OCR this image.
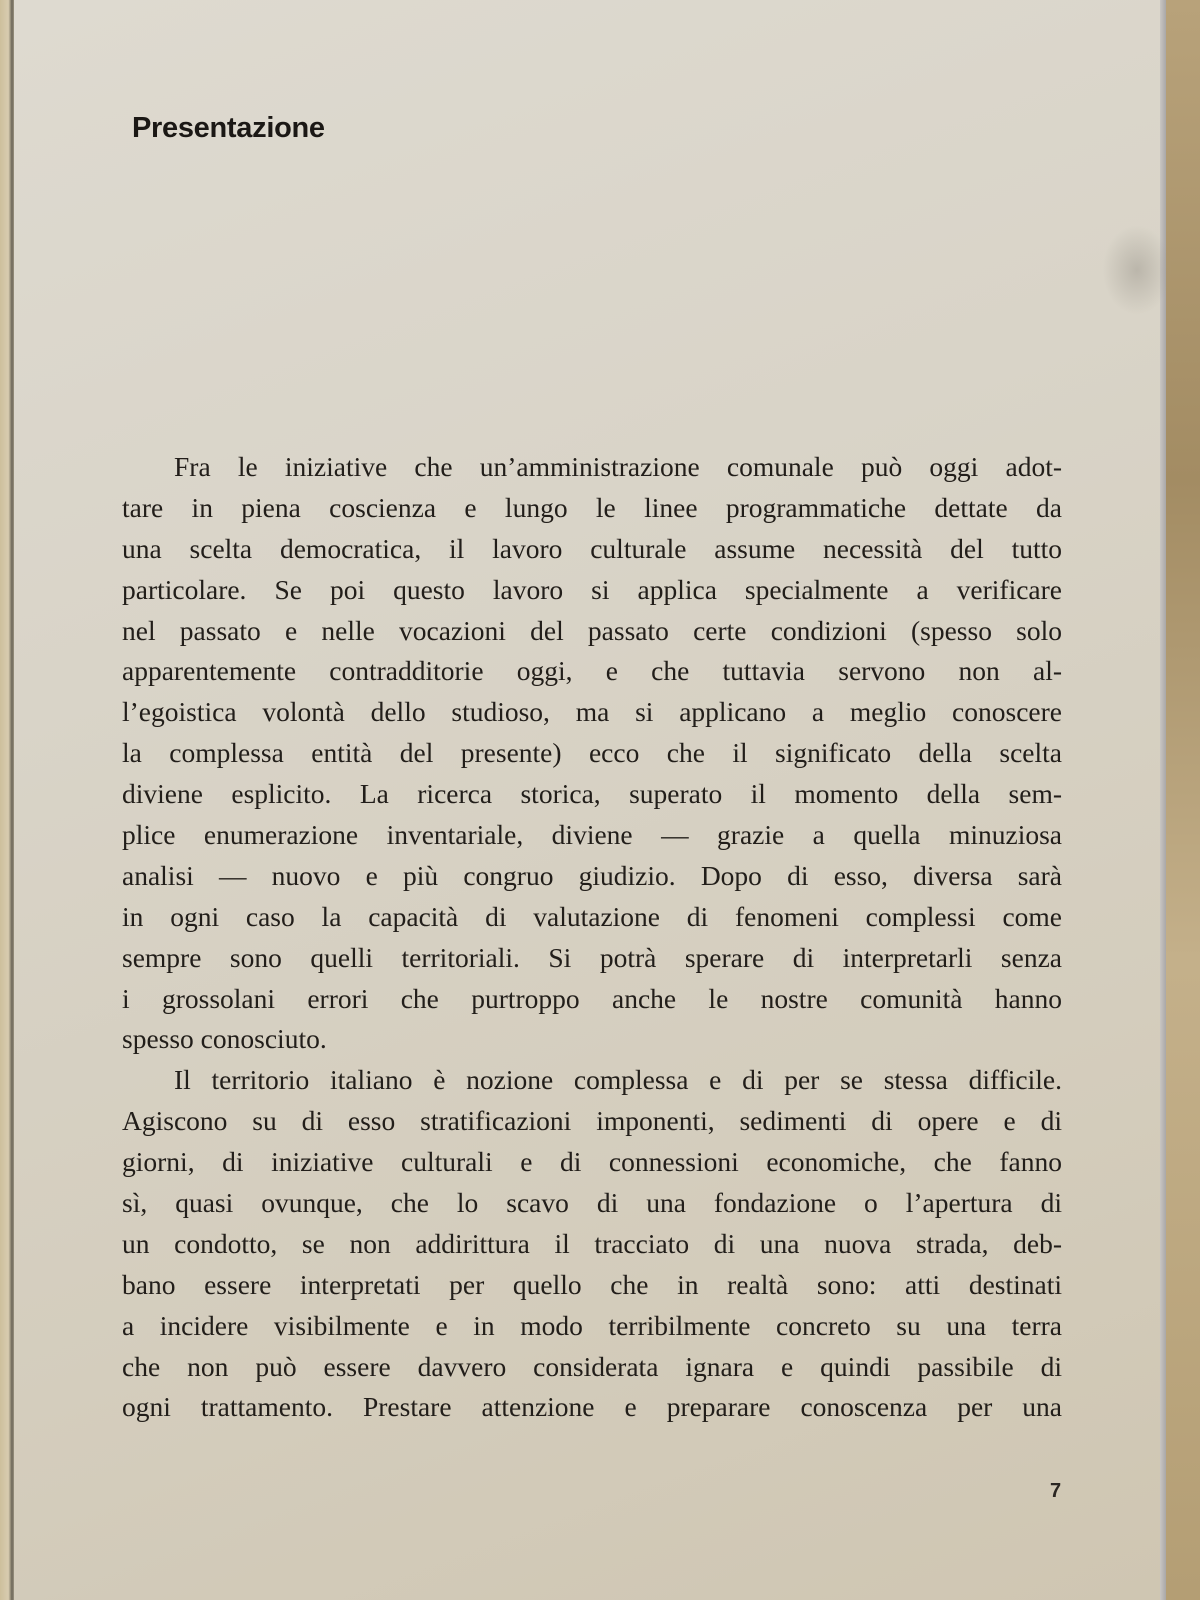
Presentazione
Fra le iniziative che un’amministrazione comunale può oggi adot-
tare in piena coscienza e lungo le linee programmatiche dettate da
una scelta democratica, il lavoro culturale assume necessità del tutto
particolare. Se poi questo lavoro si applica specialmente a verificare
nel passato e nelle vocazioni del passato certe condizioni (spesso solo
apparentemente contradditorie oggi, e che tuttavia servono non al-
l’egoistica volontà dello studioso, ma si applicano a meglio conoscere
la complessa entità del presente) ecco che il significato della scelta
diviene esplicito. La ricerca storica, superato il momento della sem-
plice enumerazione inventariale, diviene — grazie a quella minuziosa
analisi — nuovo e più congruo giudizio. Dopo di esso, diversa sarà
in ogni caso la capacità di valutazione di fenomeni complessi come
sempre sono quelli territoriali. Si potrà sperare di interpretarli senza
i grossolani errori che purtroppo anche le nostre comunità hanno
spesso conosciuto.
Il territorio italiano è nozione complessa e di per se stessa difficile.
Agiscono su di esso stratificazioni imponenti, sedimenti di opere e di
giorni, di iniziative culturali e di connessioni economiche, che fanno
sì, quasi ovunque, che lo scavo di una fondazione o l’apertura di
un condotto, se non addirittura il tracciato di una nuova strada, deb-
bano essere interpretati per quello che in realtà sono: atti destinati
a incidere visibilmente e in modo terribilmente concreto su una terra
che non può essere davvero considerata ignara e quindi passibile di
ogni trattamento. Prestare attenzione e preparare conoscenza per una
7
